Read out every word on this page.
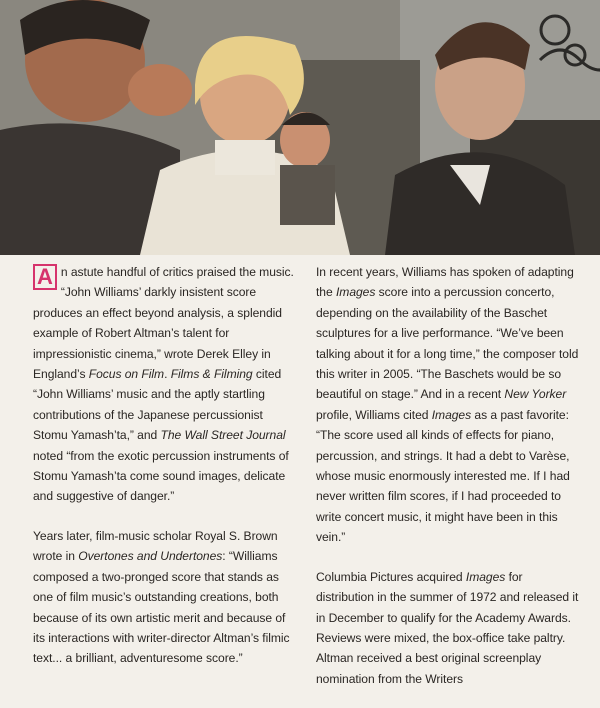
A n astute handful of critics praised the music. “John Williams’ darkly insistent score produces an effect beyond analysis, a splendid example of Robert Altman’s talent for impressionistic cinema,” wrote Derek Elley in England’s Focus on Film. Films & Filming cited “John Williams’ music and the aptly startling contributions of the Japanese percussionist Stomu Yamash’ta,” and The Wall Street Journal noted “from the exotic percussion instruments of Stomu Yamash’ta come sound images, delicate and suggestive of danger.”

Years later, film-music scholar Royal S. Brown wrote in Overtones and Undertones: “Williams composed a two-pronged score that stands as one of film music’s outstanding creations, both because of its own artistic merit and because of its interactions with writer-director Altman’s filmic text... a brilliant, adventuresome score.”

In recent years, Williams has spoken of adapting the Images score into a percussion concerto, depending on the availability of the Baschet sculptures for a live performance. “We’ve been talking about it for a long time,” the composer told this writer in 2005. “The Baschets would be so beautiful on stage.” And in a recent New Yorker profile, Williams cited Images as a past favorite: “The score used all kinds of effects for piano, percussion, and strings. It had a debt to Varèse, whose music enormously interested me. If I had never written film scores, if I had proceeded to write concert music, it might have been in this vein.”

Columbia Pictures acquired Images for distribution in the summer of 1972 and released it in December to qualify for the Academy Awards. Reviews were mixed, the box-office take paltry. Altman received a best original screenplay nomination from the Writers
